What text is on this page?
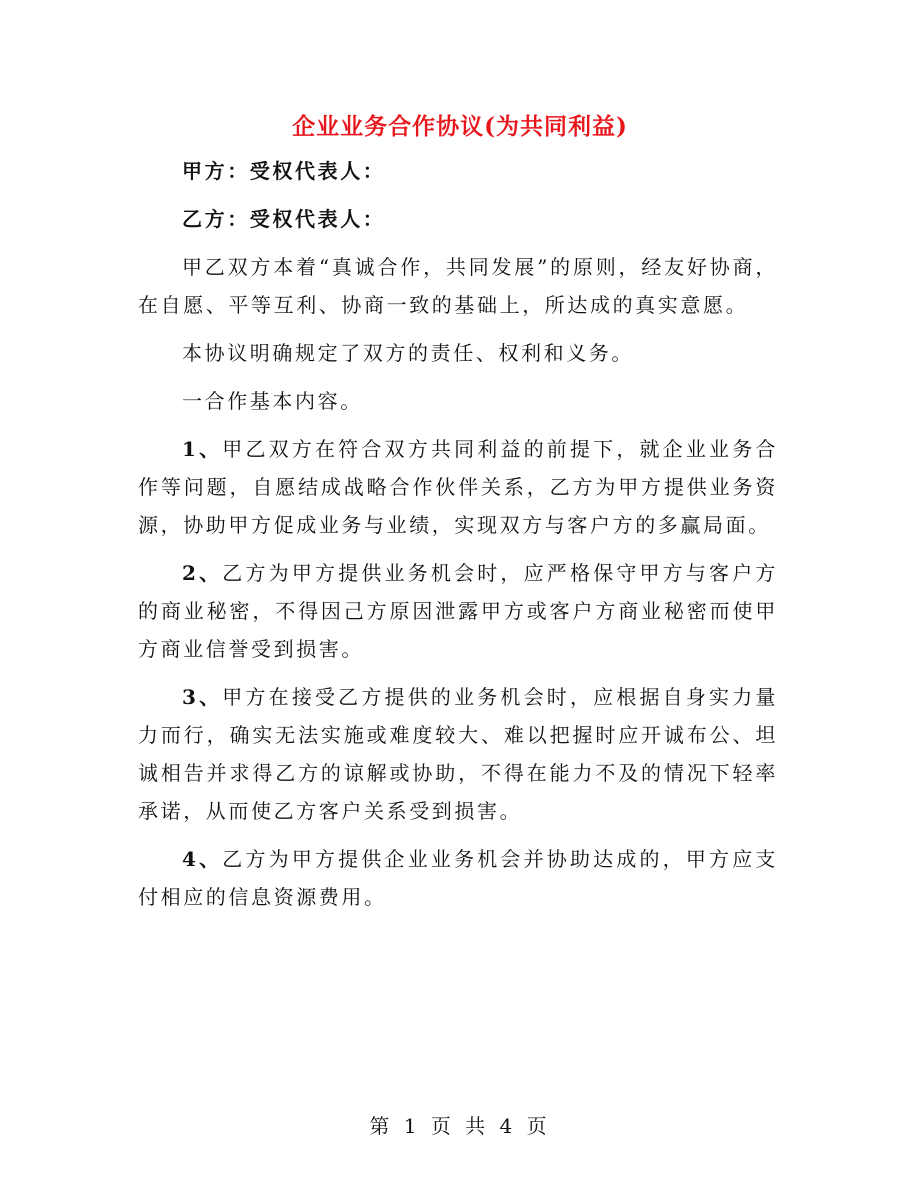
企业业务合作协议(为共同利益)

甲方：受权代表人：

乙方：受权代表人：

甲乙双方本着“真诚合作，共同发展”的原则，经友好协商，在自愿、平等互利、协商一致的基础上，所达成的真实意愿。

本协议明确规定了双方的责任、权利和义务。

一合作基本内容。

1、甲乙双方在符合双方共同利益的前提下，就企业业务合作等问题，自愿结成战略合作伙伴关系，乙方为甲方提供业务资源，协助甲方促成业务与业绩，实现双方与客户方的多赢局面。

2、乙方为甲方提供业务机会时，应严格保守甲方与客户方的商业秘密，不得因己方原因泄露甲方或客户方商业秘密而使甲方商业信誉受到损害。

3、甲方在接受乙方提供的业务机会时，应根据自身实力量力而行，确实无法实施或难度较大、难以把握时应开诚布公、坦诚相告并求得乙方的谅解或协助，不得在能力不及的情况下轻率承诺，从而使乙方客户关系受到损害。

4、乙方为甲方提供企业业务机会并协助达成的，甲方应支付相应的信息资源费用。

第 1 页 共 4 页
